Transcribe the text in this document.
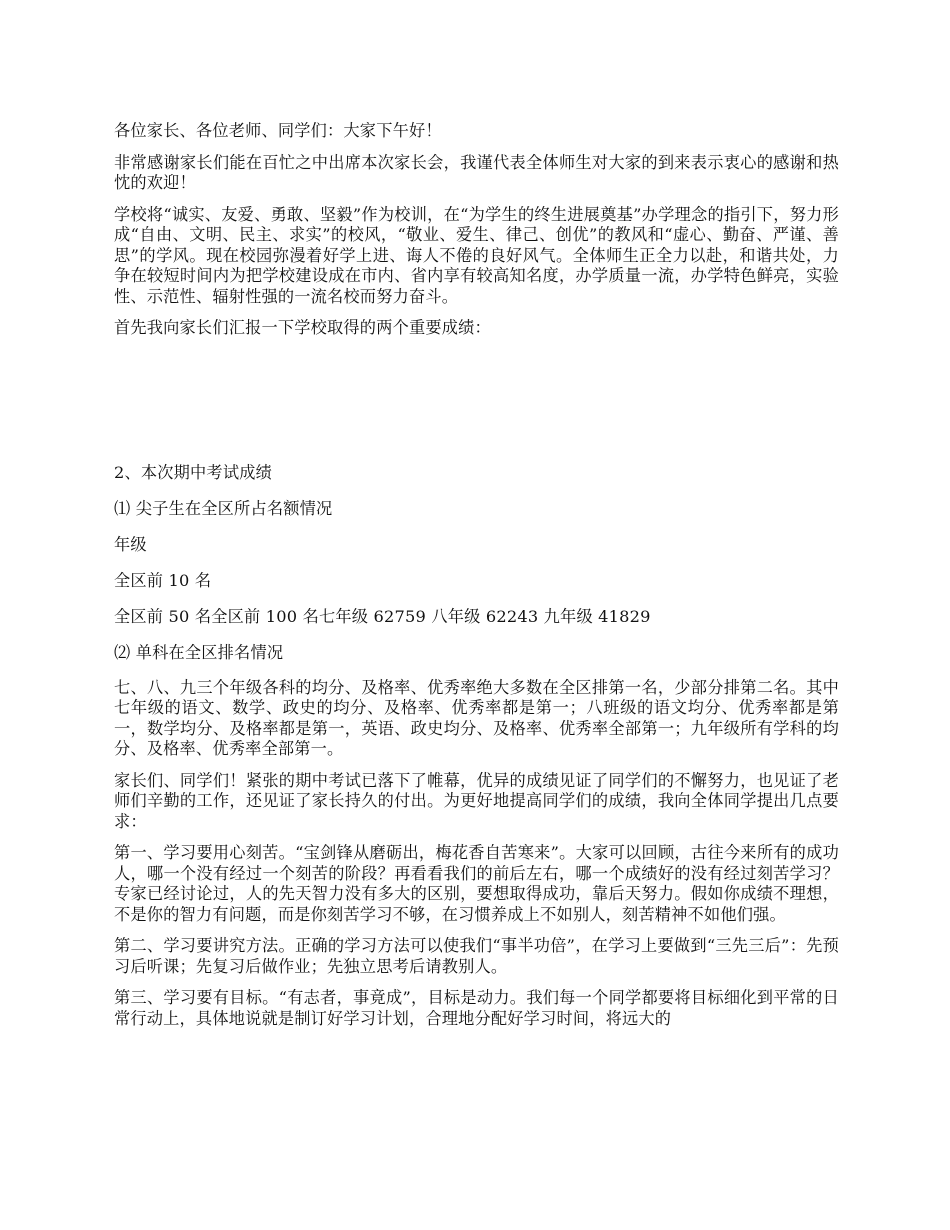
各位家长、各位老师、同学们：大家下午好！

非常感谢家长们能在百忙之中出席本次家长会，我谨代表全体师生对大家的到来表示衷心的感谢和热忱的欢迎！

学校将“诚实、友爱、勇敢、坚毅”作为校训，在“为学生的终生进展奠基”办学理念的指引下，努力形成“自由、文明、民主、求实”的校风，“敬业、爱生、律己、创优”的教风和“虚心、勤奋、严谨、善思”的学风。现在校园弥漫着好学上进、诲人不倦的良好风气。全体师生正全力以赴，和谐共处，力争在较短时间内为把学校建设成在市内、省内享有较高知名度，办学质量一流，办学特色鲜亮，实验性、示范性、辐射性强的一流名校而努力奋斗。

首先我向家长们汇报一下学校取得的两个重要成绩：

2、本次期中考试成绩

⑴ 尖子生在全区所占名额情况

年级

全区前 10 名

全区前 50 名全区前 100 名七年级 62759 八年级 62243 九年级 41829

⑵ 单科在全区排名情况

七、八、九三个年级各科的均分、及格率、优秀率绝大多数在全区排第一名，少部分排第二名。其中七年级的语文、数学、政史的均分、及格率、优秀率都是第一；八班级的语文均分、优秀率都是第一，数学均分、及格率都是第一，英语、政史均分、及格率、优秀率全部第一；九年级所有学科的均分、及格率、优秀率全部第一。

家长们、同学们！紧张的期中考试已落下了帷幕，优异的成绩见证了同学们的不懈努力，也见证了老师们辛勤的工作，还见证了家长持久的付出。为更好地提高同学们的成绩，我向全体同学提出几点要求：

第一、学习要用心刻苦。“宝剑锋从磨砺出，梅花香自苦寒来”。大家可以回顾，古往今来所有的成功人，哪一个没有经过一个刻苦的阶段？再看看我们的前后左右，哪一个成绩好的没有经过刻苦学习？专家已经讨论过，人的先天智力没有多大的区别，要想取得成功，靠后天努力。假如你成绩不理想，不是你的智力有问题，而是你刻苦学习不够，在习惯养成上不如别人，刻苦精神不如他们强。

第二、学习要讲究方法。正确的学习方法可以使我们“事半功倍”，在学习上要做到“三先三后”：先预习后听课；先复习后做作业；先独立思考后请教别人。

第三、学习要有目标。“有志者，事竟成”，目标是动力。我们每一个同学都要将目标细化到平常的日常行动上，具体地说就是制订好学习计划，合理地分配好学习时间，将远大的
